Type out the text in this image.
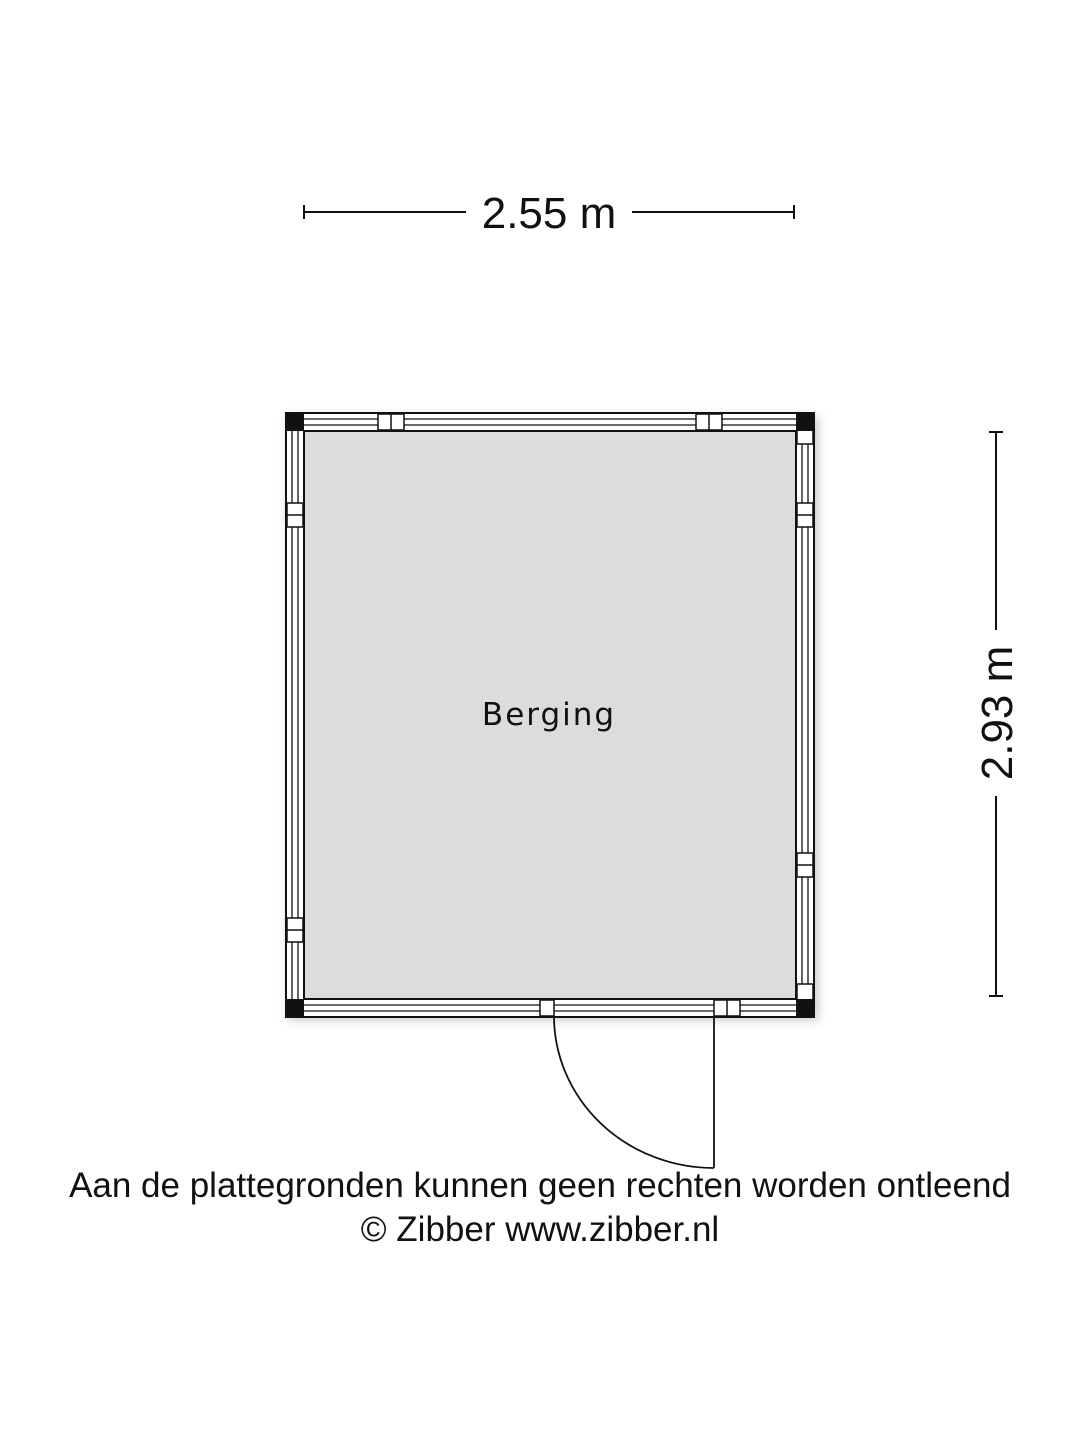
2.55 m
2.93 m
Berging
Aan de plattegronden kunnen geen rechten worden ontleend
© Zibber www.zibber.nl
